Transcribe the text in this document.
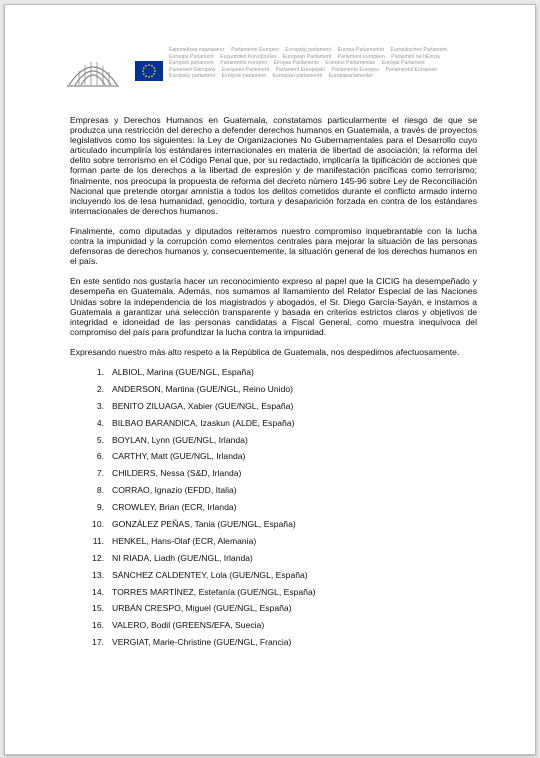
Европейски парламент Parlamento Europeo Evropský parlament Europa-Parlamentet Europäisches Parlament
Euroopa Parlament Ευρωπαϊκό Κοινοβούλιο European Parliament Parlement européen Parlaimint na hEorpa
Europski parlament Parlamento europeo Eiropas Parlaments Europos Parlamentas Európai Parlament
Parlament Ewropew Europees Parlement Parlament Europejski Parlamento Europeu Parlamentul European
Európsky parlament Evropski parlament Euroopan parlamentti Europaparlamentet

Empresas y Derechos Humanos en Guatemala, constatamos particularmente el riesgo de que se produzca una restricción del derecho a defender derechos humanos en Guatemala, a través de proyectos legislativos como los siguientes: la Ley de Organizaciones No Gubernamentales para el Desarrollo cuyo articulado incumpliría los estándares internacionales en materia de libertad de asociación; la reforma del delito sobre terrorismo en el Código Penal que, por su redactado, implicaría la tipificación de acciones que forman parte de los derechos a la libertad de expresión y de manifestación pacíficas como terrorismo; finalmente, nos preocupa la propuesta de reforma del decreto número 145-96 sobre Ley de Reconciliación Nacional que pretende otorgar amnistía a todos los delitos cometidos durante el conflicto armado interno incluyendo los de lesa humanidad, genocidio, tortura y desaparición forzada en contra de los estándares internacionales de derechos humanos.

Finalmente, como diputadas y diputados reiteramos nuestro compromiso inquebrantable con la lucha contra la impunidad y la corrupción como elementos centrales para mejorar la situación de las personas defensoras de derechos humanos y, consecuentemente, la situación general de los derechos humanos en el país.

En este sentido nos gustaría hacer un reconocimiento expreso al papel que la CICIG ha desempeñado y desempeña en Guatemala. Además, nos sumamos al llamamiento del Relator Especial de las Naciones Unidas sobre la independencia de los magistrados y abogados, el Sr. Diego García-Sayán, e instamos a Guatemala a garantizar una selección transparente y basada en criterios estrictos claros y objetivos de integridad e idoneidad de las personas candidatas a Fiscal General, como muestra inequívoca del compromiso del país para profundizar la lucha contra la impunidad.

Expresando nuestro más alto respeto a la República de Guatemala, nos despedimos afectuosamente.

1. ALBIOL, Marina (GUE/NGL, España)
2. ANDERSON, Martina (GUE/NGL, Reino Unido)
3. BENITO ZILUAGA, Xabier (GUE/NGL, España)
4. BILBAO BARANDICA, Izaskun (ALDE, España)
5. BOYLAN, Lynn (GUE/NGL, Irlanda)
6. CARTHY, Matt (GUE/NGL, Irlanda)
7. CHILDERS, Nessa (S&D, Irlanda)
8. CORRAO, Ignazio (EFDD, Italia)
9. CROWLEY, Brian (ECR, Irlanda)
10. GONZÁLEZ PEÑAS, Tania (GUE/NGL, España)
11. HENKEL, Hans-Olaf (ECR, Alemania)
12. NI RIADA, Liadh (GUE/NGL, Irlanda)
13. SÁNCHEZ CALDENTEY, Lola (GUE/NGL, España)
14. TORRES MARTÍNEZ, Estefanía (GUE/NGL, España)
15. URBÁN CRESPO, Miguel (GUE/NGL, España)
16. VALERO, Bodil (GREENS/EFA, Suecia)
17. VERGIAT, Marie-Christine (GUE/NGL, Francia)
